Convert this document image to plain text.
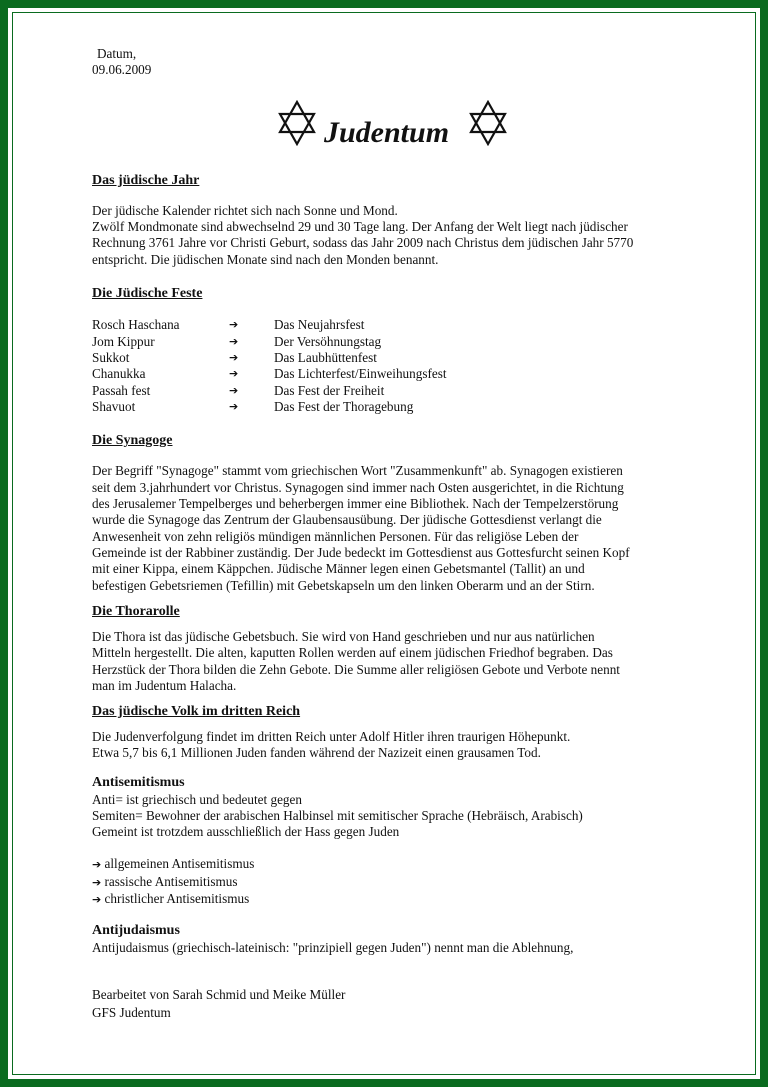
Datum,
09.06.2009
Judentum
Das jüdische Jahr

Der jüdische Kalender richtet sich nach Sonne und Mond.

Zwölf Mondmonate sind abwechselnd 29 und 30 Tage lang. Der Anfang der Welt liegt nach jüdischer

Rechnung 3761 Jahre vor Christi Geburt, sodass das Jahr 2009 nach Christus dem jüdischen Jahr 5770

entspricht. Die jüdischen Monate sind nach den Monden benannt.

Die Jüdische Feste
Rosch Haschana	➔	Das Neujahrsfest
Jom Kippur	➔	Der Versöhnungstag
Sukkot	➔	Das Laubhüttenfest
Chanukka	➔	Das Lichterfest/Einweihungsfest
Passah fest	➔	Das Fest der Freiheit
Shavuot	➔	Das Fest der Thoragebung
Die Synagoge

Der Begriff "Synagoge" stammt vom griechischen Wort "Zusammenkunft" ab. Synagogen existieren

seit dem 3.jahrhundert vor Christus. Synagogen sind immer nach Osten ausgerichtet, in die Richtung

des Jerusalemer Tempelberges und beherbergen immer eine Bibliothek. Nach der Tempelzerstörung

wurde die Synagoge das Zentrum der Glaubensausübung. Der jüdische Gottesdienst verlangt die

Anwesenheit von zehn religiös mündigen männlichen Personen. Für das religiöse Leben der

Gemeinde ist der Rabbiner zuständig. Der Jude bedeckt im Gottesdienst aus Gottesfurcht seinen Kopf

mit einer Kippa, einem Käppchen. Jüdische Männer legen einen Gebetsmantel (Tallit) an und

befestigen Gebetsriemen (Tefillin) mit Gebetskapseln um den linken Oberarm und an der Stirn.

Die Thorarolle

Die Thora ist das jüdische Gebetsbuch. Sie wird von Hand geschrieben und nur aus natürlichen

Mitteln hergestellt. Die alten, kaputten Rollen werden auf einem jüdischen Friedhof begraben. Das

Herzstück der Thora bilden die Zehn Gebote. Die Summe aller religiösen Gebote und Verbote nennt

man im Judentum Halacha.

Das jüdische Volk im dritten Reich

Die Judenverfolgung findet im dritten Reich unter Adolf Hitler ihren traurigen Höhepunkt.

Etwa 5,7 bis 6,1 Millionen Juden fanden während der Nazizeit einen grausamen Tod.

Antisemitismus

Anti= ist griechisch und bedeutet gegen

Semiten= Bewohner der arabischen Halbinsel mit semitischer Sprache (Hebräisch, Arabisch)

Gemeint ist trotzdem ausschließlich der Hass gegen Juden

➔ allgemeinen Antisemitismus

➔ rassische Antisemitismus

➔ christlicher Antisemitismus

Antijudaismus

Antijudaismus (griechisch-lateinisch: "prinzipiell gegen Juden") nennt man die Ablehnung,

Bearbeitet von Sarah Schmid und Meike Müller

GFS Judentum
